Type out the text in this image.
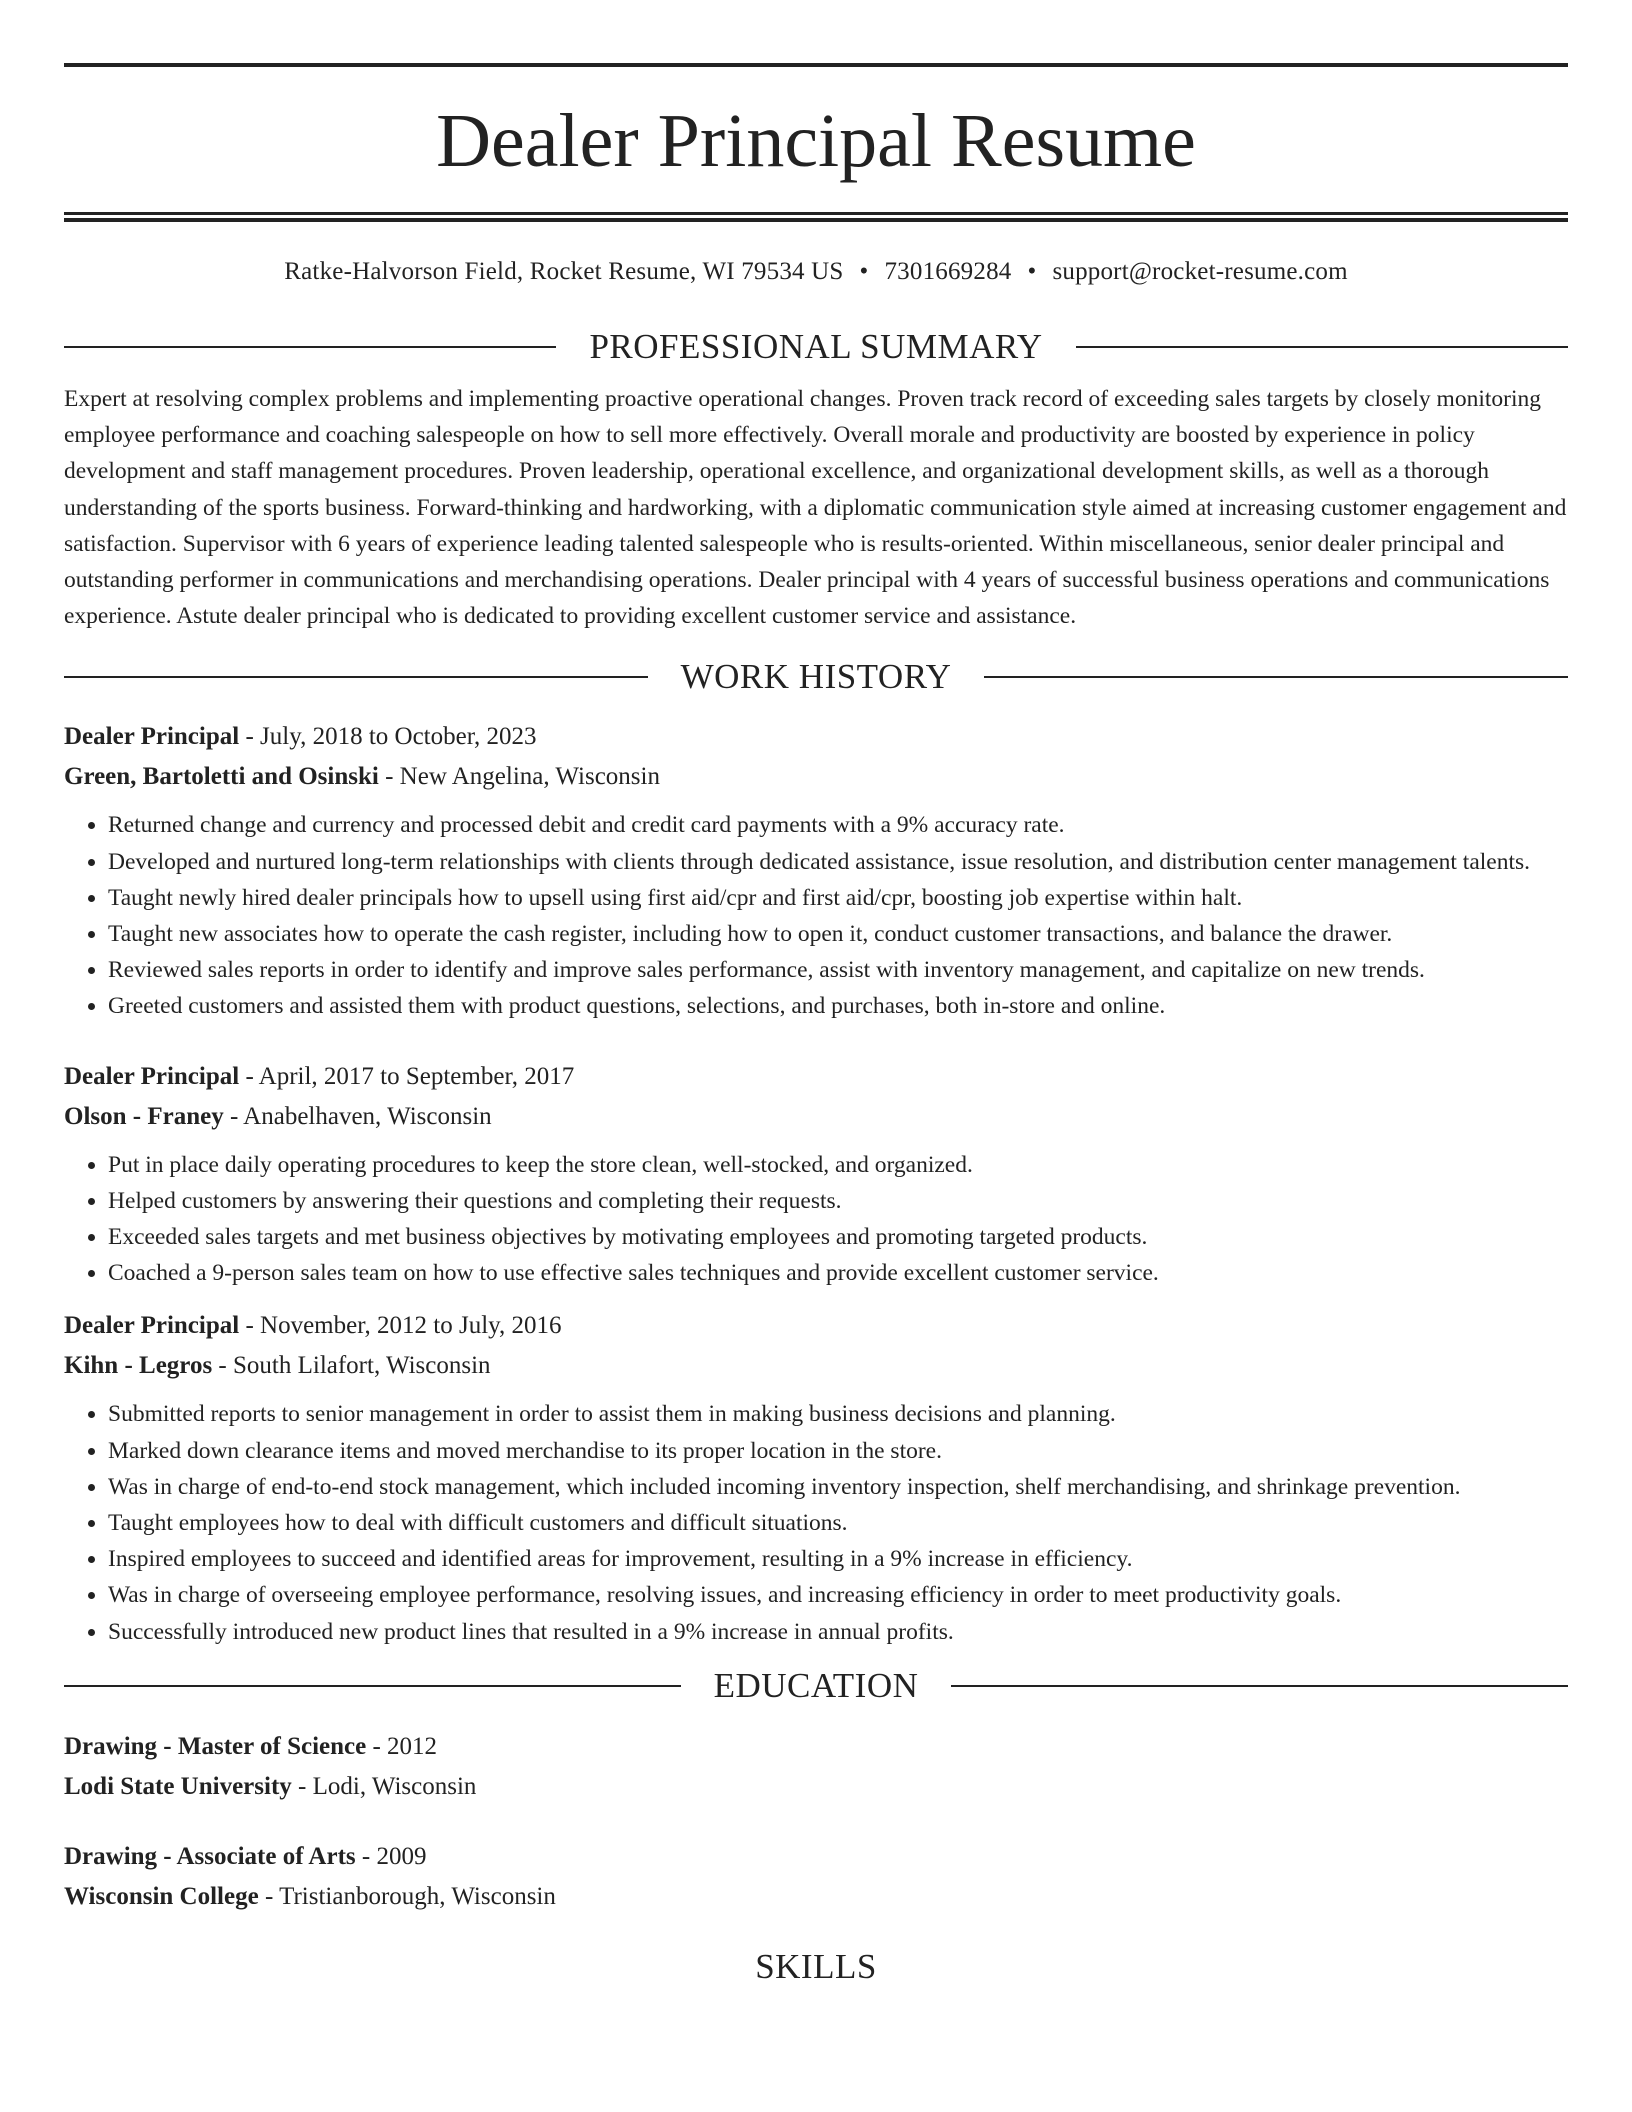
Dealer Principal Resume
Ratke-Halvorson Field, Rocket Resume, WI 79534 US • 7301669284 • support@rocket-resume.com
PROFESSIONAL SUMMARY

Expert at resolving complex problems and implementing proactive operational changes. Proven track record of exceeding sales targets by closely monitoring employee performance and coaching salespeople on how to sell more effectively. Overall morale and productivity are boosted by experience in policy development and staff management procedures. Proven leadership, operational excellence, and organizational development skills, as well as a thorough understanding of the sports business. Forward-thinking and hardworking, with a diplomatic communication style aimed at increasing customer engagement and satisfaction. Supervisor with 6 years of experience leading talented salespeople who is results-oriented. Within miscellaneous, senior dealer principal and outstanding performer in communications and merchandising operations. Dealer principal with 4 years of successful business operations and communications experience. Astute dealer principal who is dedicated to providing excellent customer service and assistance.

WORK HISTORY
Dealer Principal - July, 2018 to October, 2023
Green, Bartoletti and Osinski - New Angelina, Wisconsin
• Returned change and currency and processed debit and credit card payments with a 9% accuracy rate.
• Developed and nurtured long-term relationships with clients through dedicated assistance, issue resolution, and distribution center management talents.
• Taught newly hired dealer principals how to upsell using first aid/cpr and first aid/cpr, boosting job expertise within halt.
• Taught new associates how to operate the cash register, including how to open it, conduct customer transactions, and balance the drawer.
• Reviewed sales reports in order to identify and improve sales performance, assist with inventory management, and capitalize on new trends.
• Greeted customers and assisted them with product questions, selections, and purchases, both in-store and online.
Dealer Principal - April, 2017 to September, 2017
Olson - Franey - Anabelhaven, Wisconsin
• Put in place daily operating procedures to keep the store clean, well-stocked, and organized.
• Helped customers by answering their questions and completing their requests.
• Exceeded sales targets and met business objectives by motivating employees and promoting targeted products.
• Coached a 9-person sales team on how to use effective sales techniques and provide excellent customer service.
Dealer Principal - November, 2012 to July, 2016
Kihn - Legros - South Lilafort, Wisconsin
• Submitted reports to senior management in order to assist them in making business decisions and planning.
• Marked down clearance items and moved merchandise to its proper location in the store.
• Was in charge of end-to-end stock management, which included incoming inventory inspection, shelf merchandising, and shrinkage prevention.
• Taught employees how to deal with difficult customers and difficult situations.
• Inspired employees to succeed and identified areas for improvement, resulting in a 9% increase in efficiency.
• Was in charge of overseeing employee performance, resolving issues, and increasing efficiency in order to meet productivity goals.
• Successfully introduced new product lines that resulted in a 9% increase in annual profits.
EDUCATION
Drawing - Master of Science - 2012
Lodi State University - Lodi, Wisconsin
Drawing - Associate of Arts - 2009
Wisconsin College - Tristianborough, Wisconsin
SKILLS
